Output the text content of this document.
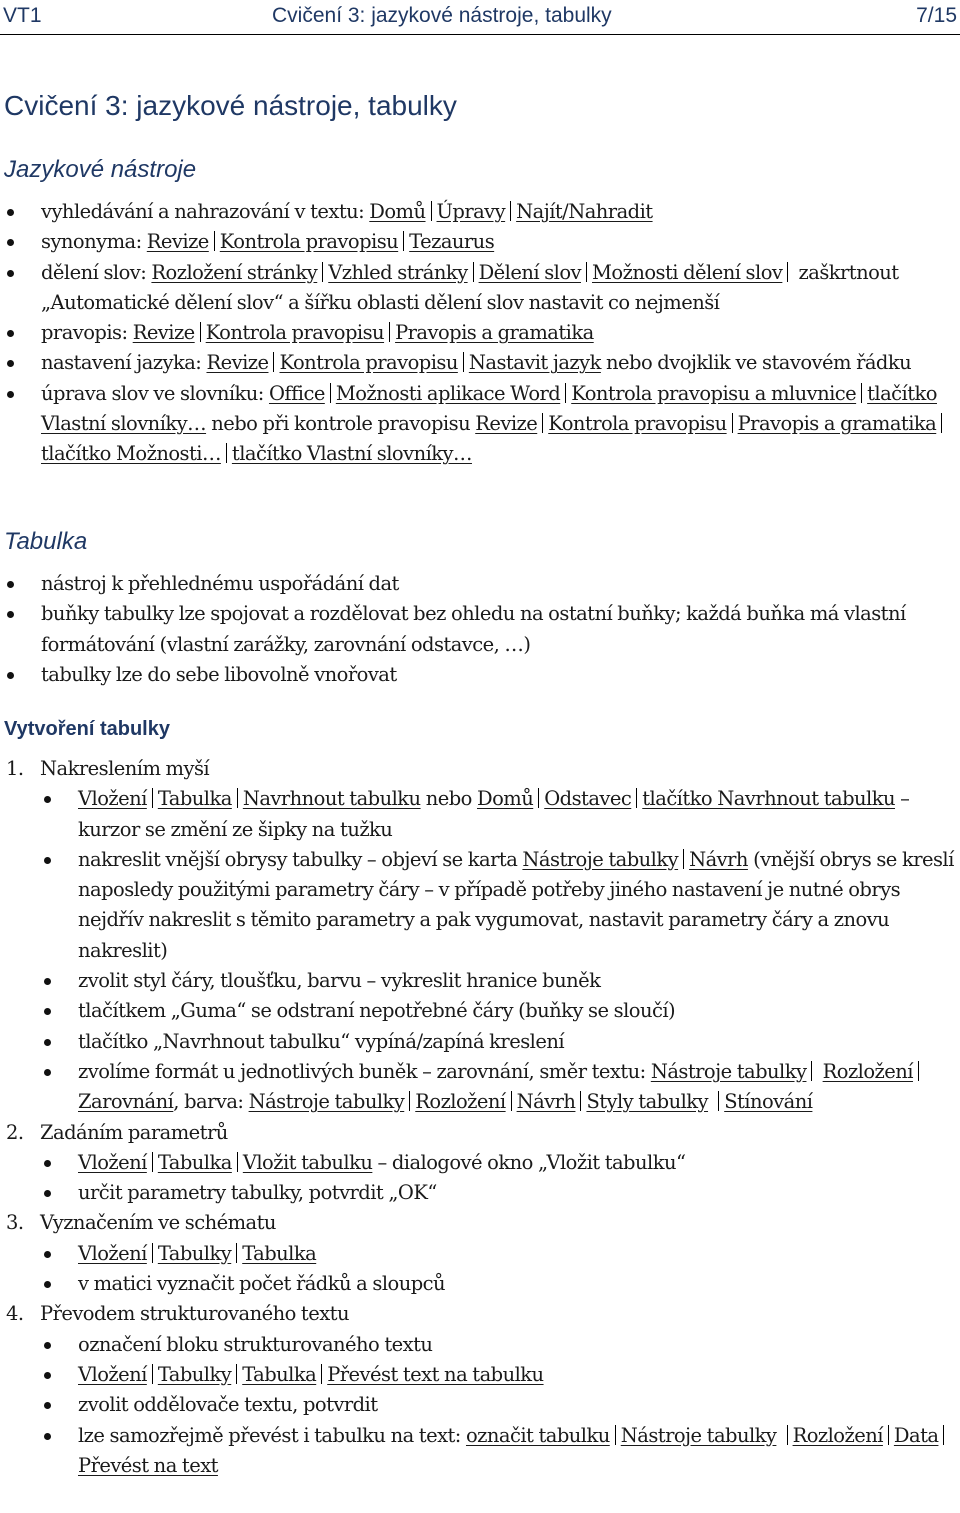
VT1	Cvičení 3: jazykové nástroje, tabulky	7/15
Cvičení 3: jazykové nástroje, tabulky
Jazykové nástroje
vyhledávání a nahrazování v textu: Domů Úpravy Najít/Nahradit
synonyma: Revize Kontrola pravopisu Tezaurus
dělení slov: Rozložení stránky Vzhled stránky Dělení slov Možnosti dělení slov zaškrtnout „Automatické dělení slov“ a šířku oblasti dělení slov nastavit co nejmenší
pravopis: Revize Kontrola pravopisu Pravopis a gramatika
nastavení jazyka: Revize Kontrola pravopisu Nastavit jazyk nebo dvojklik ve stavovém řádku
úprava slov ve slovníku: Office Možnosti aplikace Word Kontrola pravopisu a mluvnice tlačítko Vlastní slovníky… nebo při kontrole pravopisu Revize Kontrola pravopisu Pravopis a gramatikatlačítko Možnosti… tlačítko Vlastní slovníky…
Tabulka
nástroj k přehlednému uspořádání dat
buňky tabulky lze spojovat a rozdělovat bez ohledu na ostatní buňky; každá buňka má vlastní formátování (vlastní zarážky, zarovnání odstavce, …)
tabulky lze do sebe libovolně vnořovat
Vytvoření tabulky
1. Nakreslením myší
Vložení Tabulka Navrhnout tabulku nebo Domů Odstavec tlačítko Navrhnout tabulku – kurzor se změní ze šipky na tužku
nakreslit vnější obrysy tabulky – objeví se karta Nástroje tabulky Návrh (vnější obrys se kreslí naposledy použitými parametry čáry – v případě potřeby jiného nastavení je nutné obrys nejdřív nakreslit s těmito parametry a pak vygumovat, nastavit parametry čáry a znovu nakreslit)
zvolit styl čáry, tloušťku, barvu – vykreslit hranice buněk
tlačítkem „Guma“ se odstraní nepotřebné čáry (buňky se sloučí)
tlačítko „Navrhnout tabulku“ vypíná/zapíná kreslení
zvolíme formát u jednotlivých buněk – zarovnání, směr textu: Nástroje tabulky RozloženíZarovnání, barva: Nástroje tabulky Rozložení Návrh Styly tabulky Stínování
2. Zadáním parametrů
Vložení Tabulka Vložit tabulku – dialogové okno „Vložit tabulku“
určit parametry tabulky, potvrdit „OK“
3. Vyznačením ve schématu
Vložení Tabulky Tabulka
v matici vyznačit počet řádků a sloupců
4. Převodem strukturovaného textu
označení bloku strukturovaného textu
Vložení Tabulky Tabulka Převést text na tabulku
zvolit oddělovače textu, potvrdit
lze samozřejmě převést i tabulku na text: označit tabulku Nástroje tabulky Rozložení DataPřevést na text
